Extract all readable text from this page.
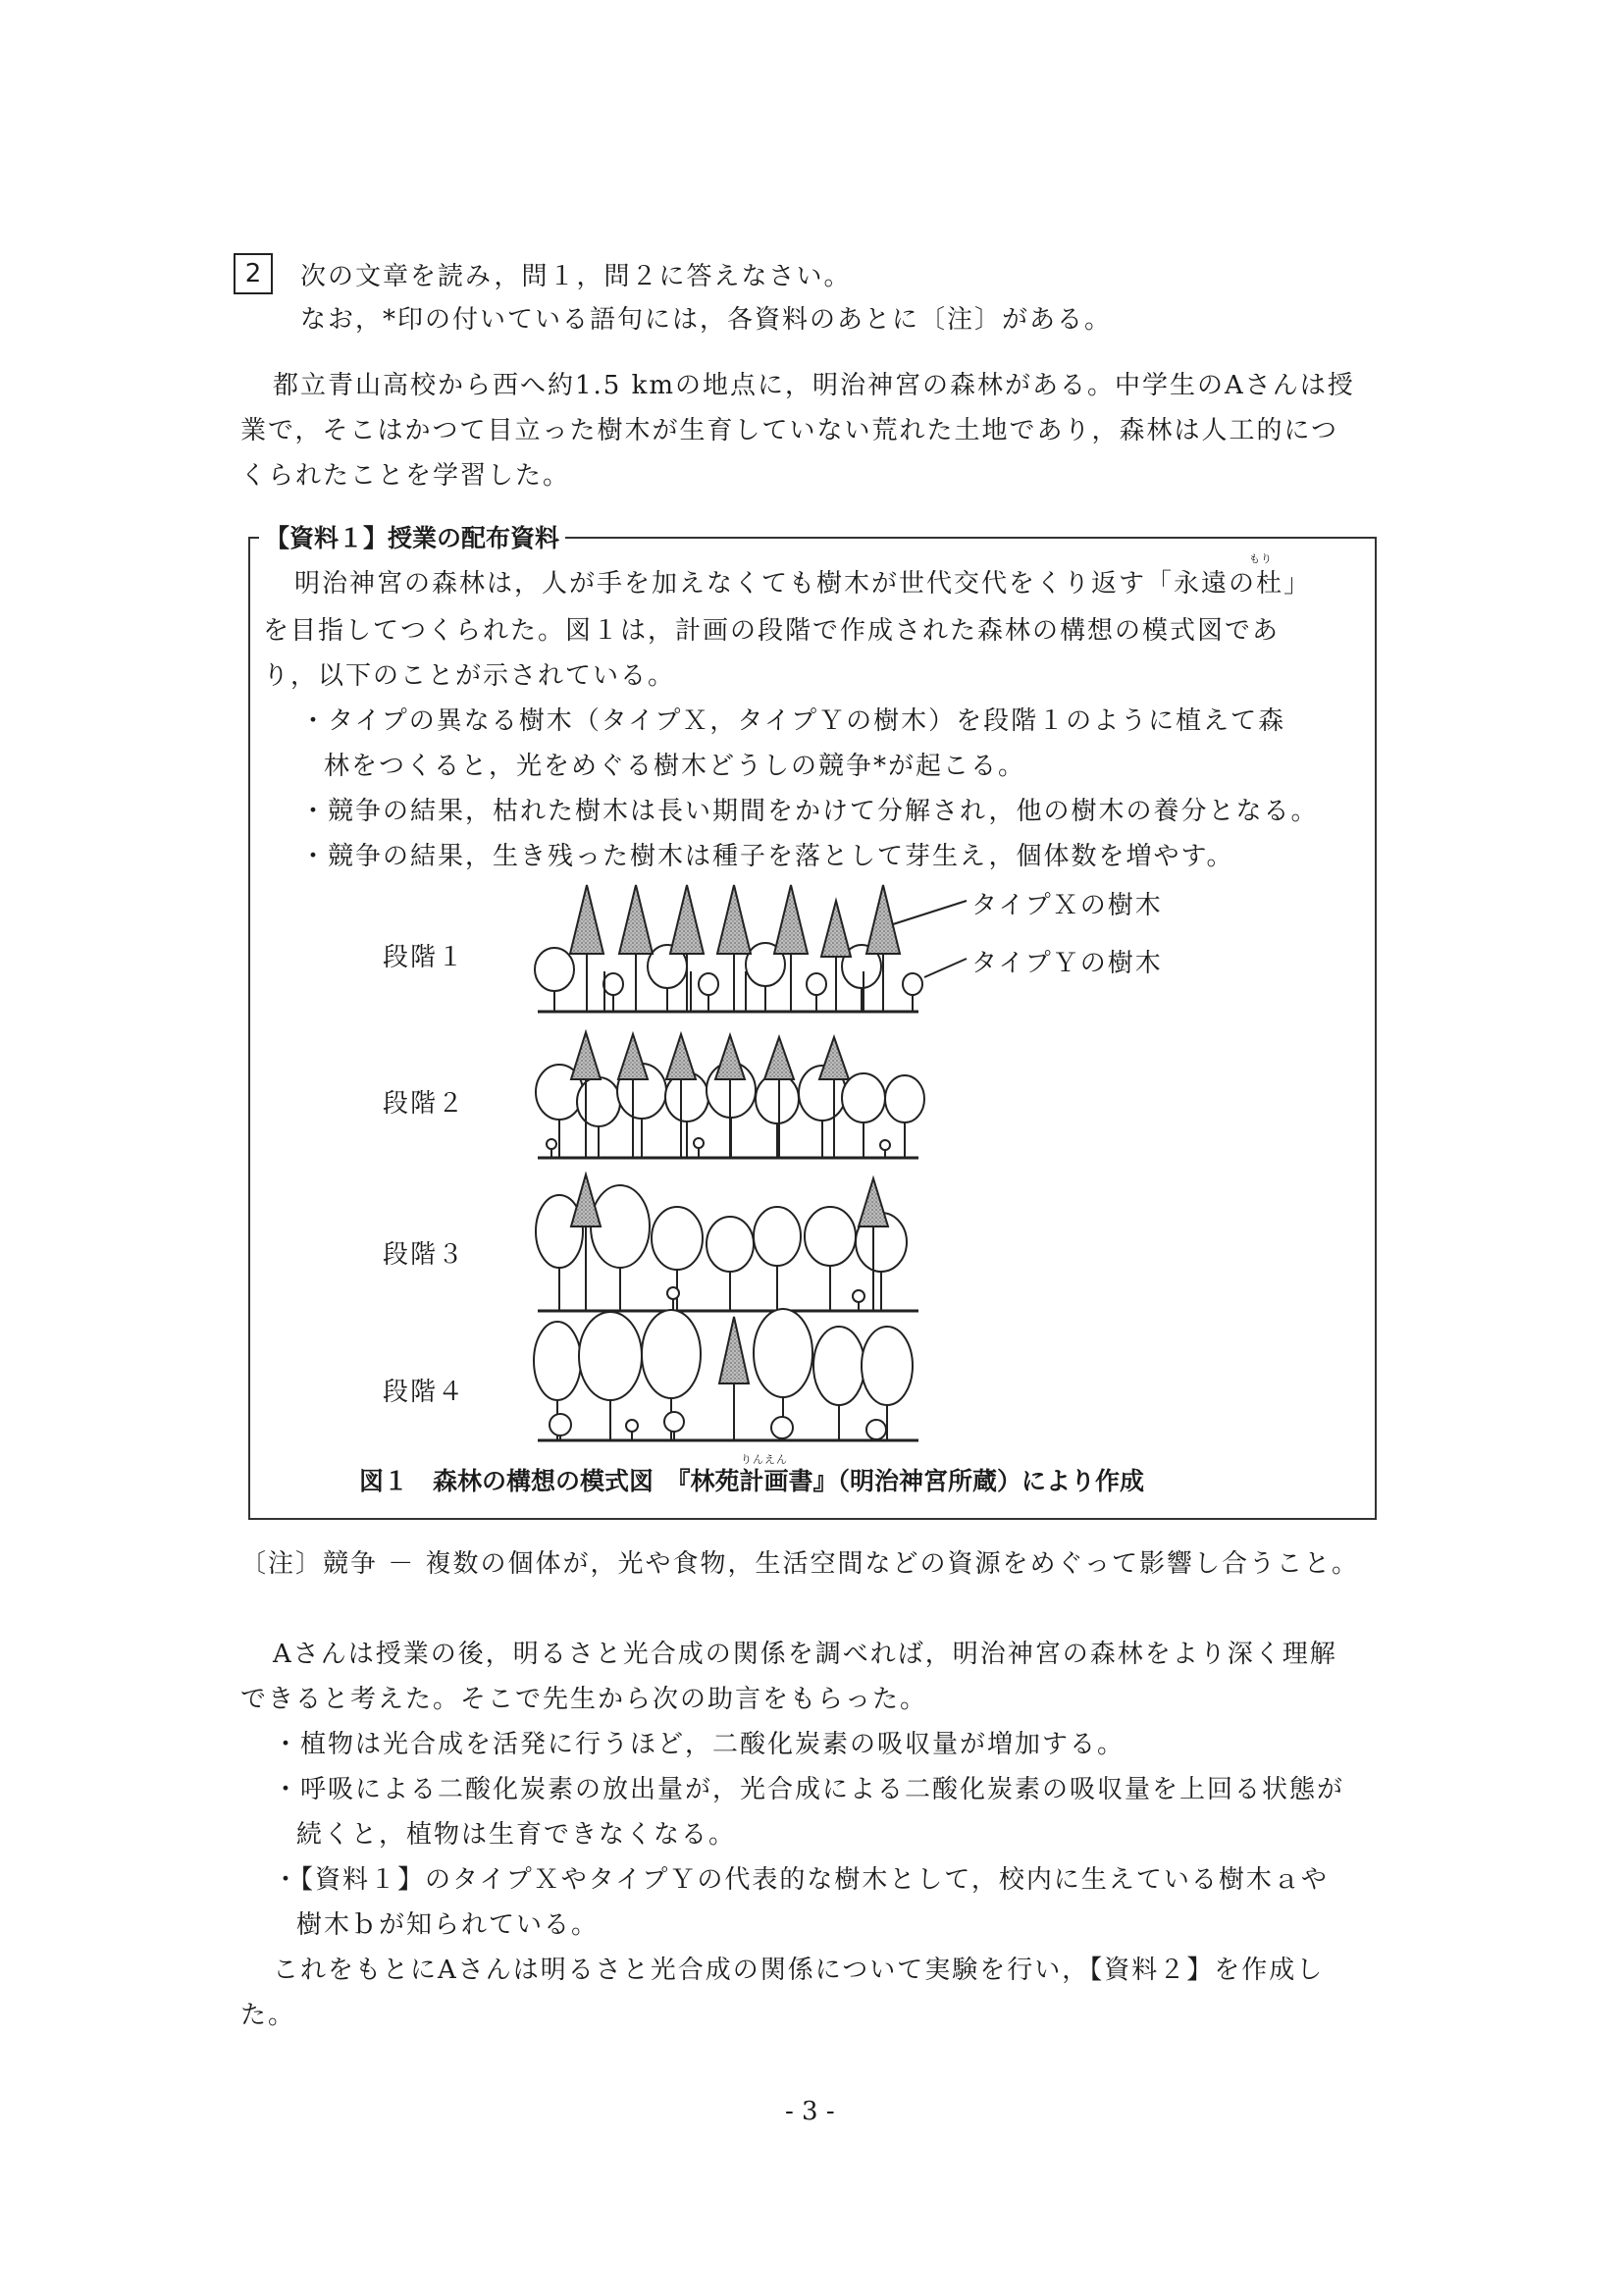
2	次の文章を読み，問１，問２に答えなさい。
なお，*印の付いている語句には，各資料のあとに〔注〕がある。
都立青山高校から西へ約1.5 kmの地点に，明治神宮の森林がある。中学生のAさんは授
業で，そこはかつて目立った樹木が生育していない荒れた土地であり，森林は人工的につ
くられたことを学習した。
【資料１】授業の配布資料
明治神宮の森林は，人が手を加えなくても樹木が世代交代をくり返す「永遠の杜」
もり
を目指してつくられた。図１は，計画の段階で作成された森林の構想の模式図であ
り，以下のことが示されている。
・タイプの異なる樹木（タイプＸ，タイプＹの樹木）を段階１のように植えて森
林をつくると，光をめぐる樹木どうしの競争*が起こる。
・競争の結果，枯れた樹木は長い期間をかけて分解され，他の樹木の養分となる。
・競争の結果，生き残った樹木は種子を落として芽生え，個体数を増やす。
段階１
段階２
段階３
段階４
タイプＸの樹木
タイプＹの樹木
りんえん
図１　森林の構想の模式図　『林苑計画書』（明治神宮所蔵）により作成
〔注〕競争 － 複数の個体が，光や食物，生活空間などの資源をめぐって影響し合うこと。
Aさんは授業の後，明るさと光合成の関係を調べれば，明治神宮の森林をより深く理解
できると考えた。そこで先生から次の助言をもらった。
・植物は光合成を活発に行うほど，二酸化炭素の吸収量が増加する。
・呼吸による二酸化炭素の放出量が，光合成による二酸化炭素の吸収量を上回る状態が
続くと，植物は生育できなくなる。
・【資料１】のタイプＸやタイプＹの代表的な樹木として，校内に生えている樹木ａや
樹木ｂが知られている。
これをもとにAさんは明るさと光合成の関係について実験を行い，【資料２】を作成し
た。
- 3 -
